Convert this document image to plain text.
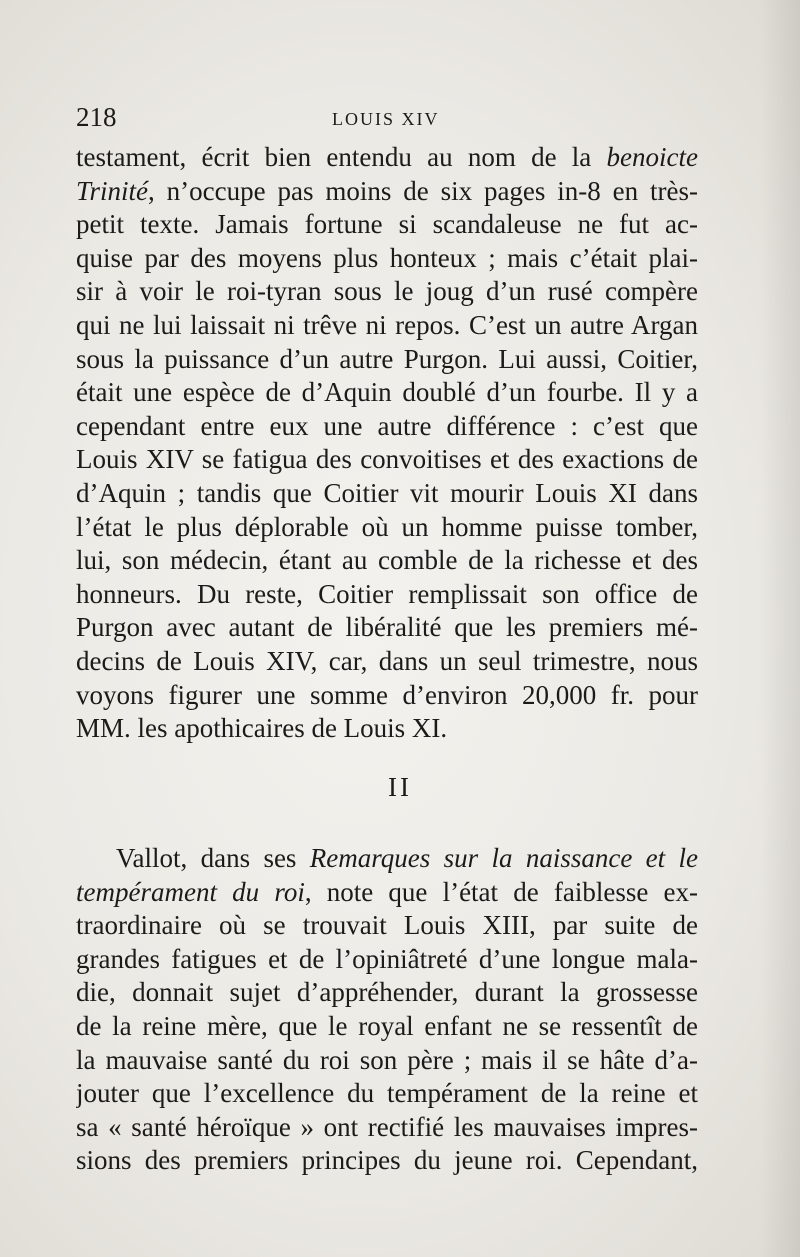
218	LOUIS XIV
testament, écrit bien entendu au nom de la benoicte
Trinité, n’occupe pas moins de six pages in-8 en très-
petit texte. Jamais fortune si scandaleuse ne fut ac-
quise par des moyens plus honteux ; mais c’était plai-
sir à voir le roi-tyran sous le joug d’un rusé compère
qui ne lui laissait ni trêve ni repos. C’est un autre Argan
sous la puissance d’un autre Purgon. Lui aussi, Coitier,
était une espèce de d’Aquin doublé d’un fourbe. Il y a
cependant entre eux une autre différence : c’est que
Louis XIV se fatigua des convoitises et des exactions de
d’Aquin ; tandis que Coitier vit mourir Louis XI dans
l’état le plus déplorable où un homme puisse tomber,
lui, son médecin, étant au comble de la richesse et des
honneurs. Du reste, Coitier remplissait son office de
Purgon avec autant de libéralité que les premiers mé-
decins de Louis XIV, car, dans un seul trimestre, nous
voyons figurer une somme d’environ 20,000 fr. pour
MM. les apothicaires de Louis XI.
II
Vallot, dans ses Remarques sur la naissance et le
tempérament du roi, note que l’état de faiblesse ex-
traordinaire où se trouvait Louis XIII, par suite de
grandes fatigues et de l’opiniâtreté d’une longue mala-
die, donnait sujet d’appréhender, durant la grossesse
de la reine mère, que le royal enfant ne se ressentît de
la mauvaise santé du roi son père ; mais il se hâte d’a-
jouter que l’excellence du tempérament de la reine et
sa « santé héroïque » ont rectifié les mauvaises impres-
sions des premiers principes du jeune roi. Cependant,
